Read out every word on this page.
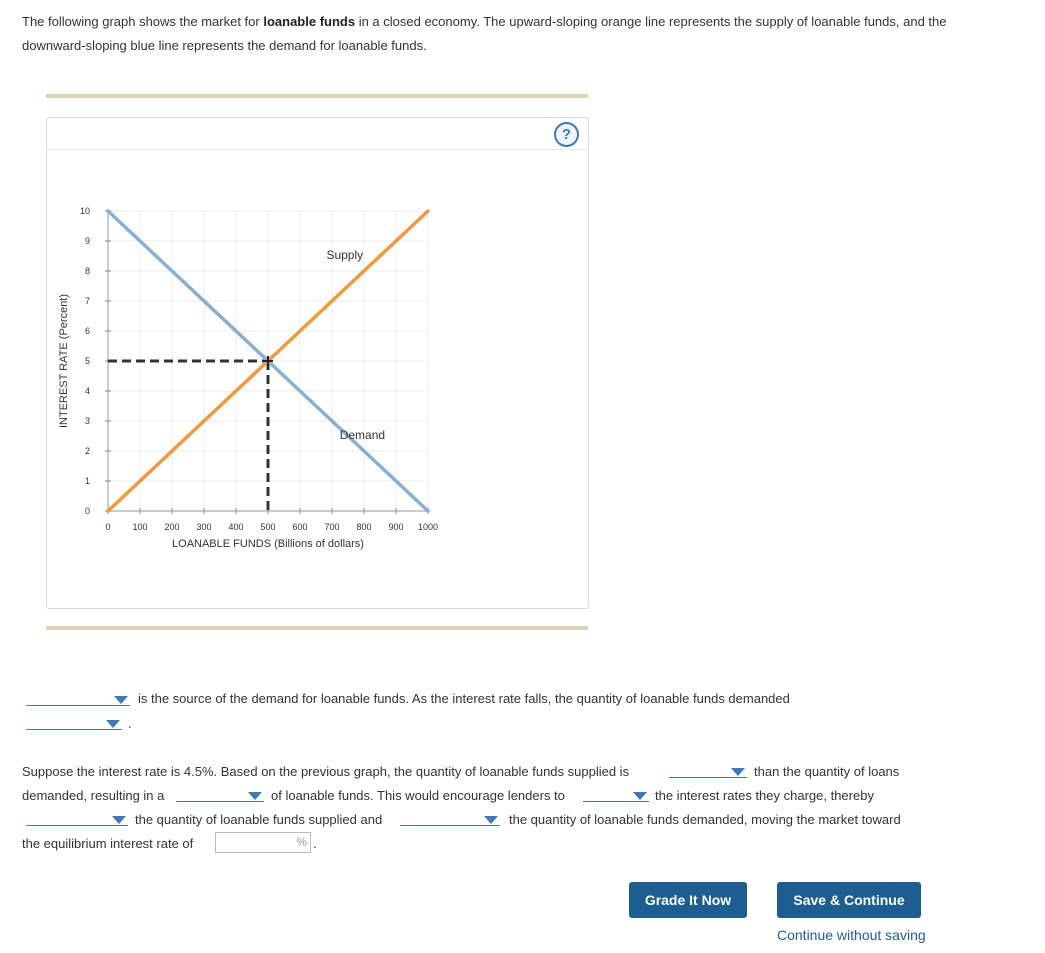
The following graph shows the market for loanable funds in a closed economy. The upward-sloping orange line represents the supply of loanable funds, and the downward-sloping blue line represents the demand for loanable funds.
?
0
1
2
3
4
5
6
7
8
9
10
0 100 200 300 400 500 600 700 800 900 1000
LOANABLE FUNDS (Billions of dollars)
INTEREST RATE (Percent)
Supply
Demand
is the source of the demand for loanable funds. As the interest rate falls, the quantity of loanable funds demanded
.
Suppose the interest rate is 4.5%. Based on the previous graph, the quantity of loanable funds supplied is	than the quantity of loans
demanded, resulting in a	of loanable funds. This would encourage lenders to	the interest rates they charge, thereby
the quantity of loanable funds supplied and	the quantity of loanable funds demanded, moving the market toward
the equilibrium interest rate of	% .
Grade It Now	Save & Continue
Continue without saving
